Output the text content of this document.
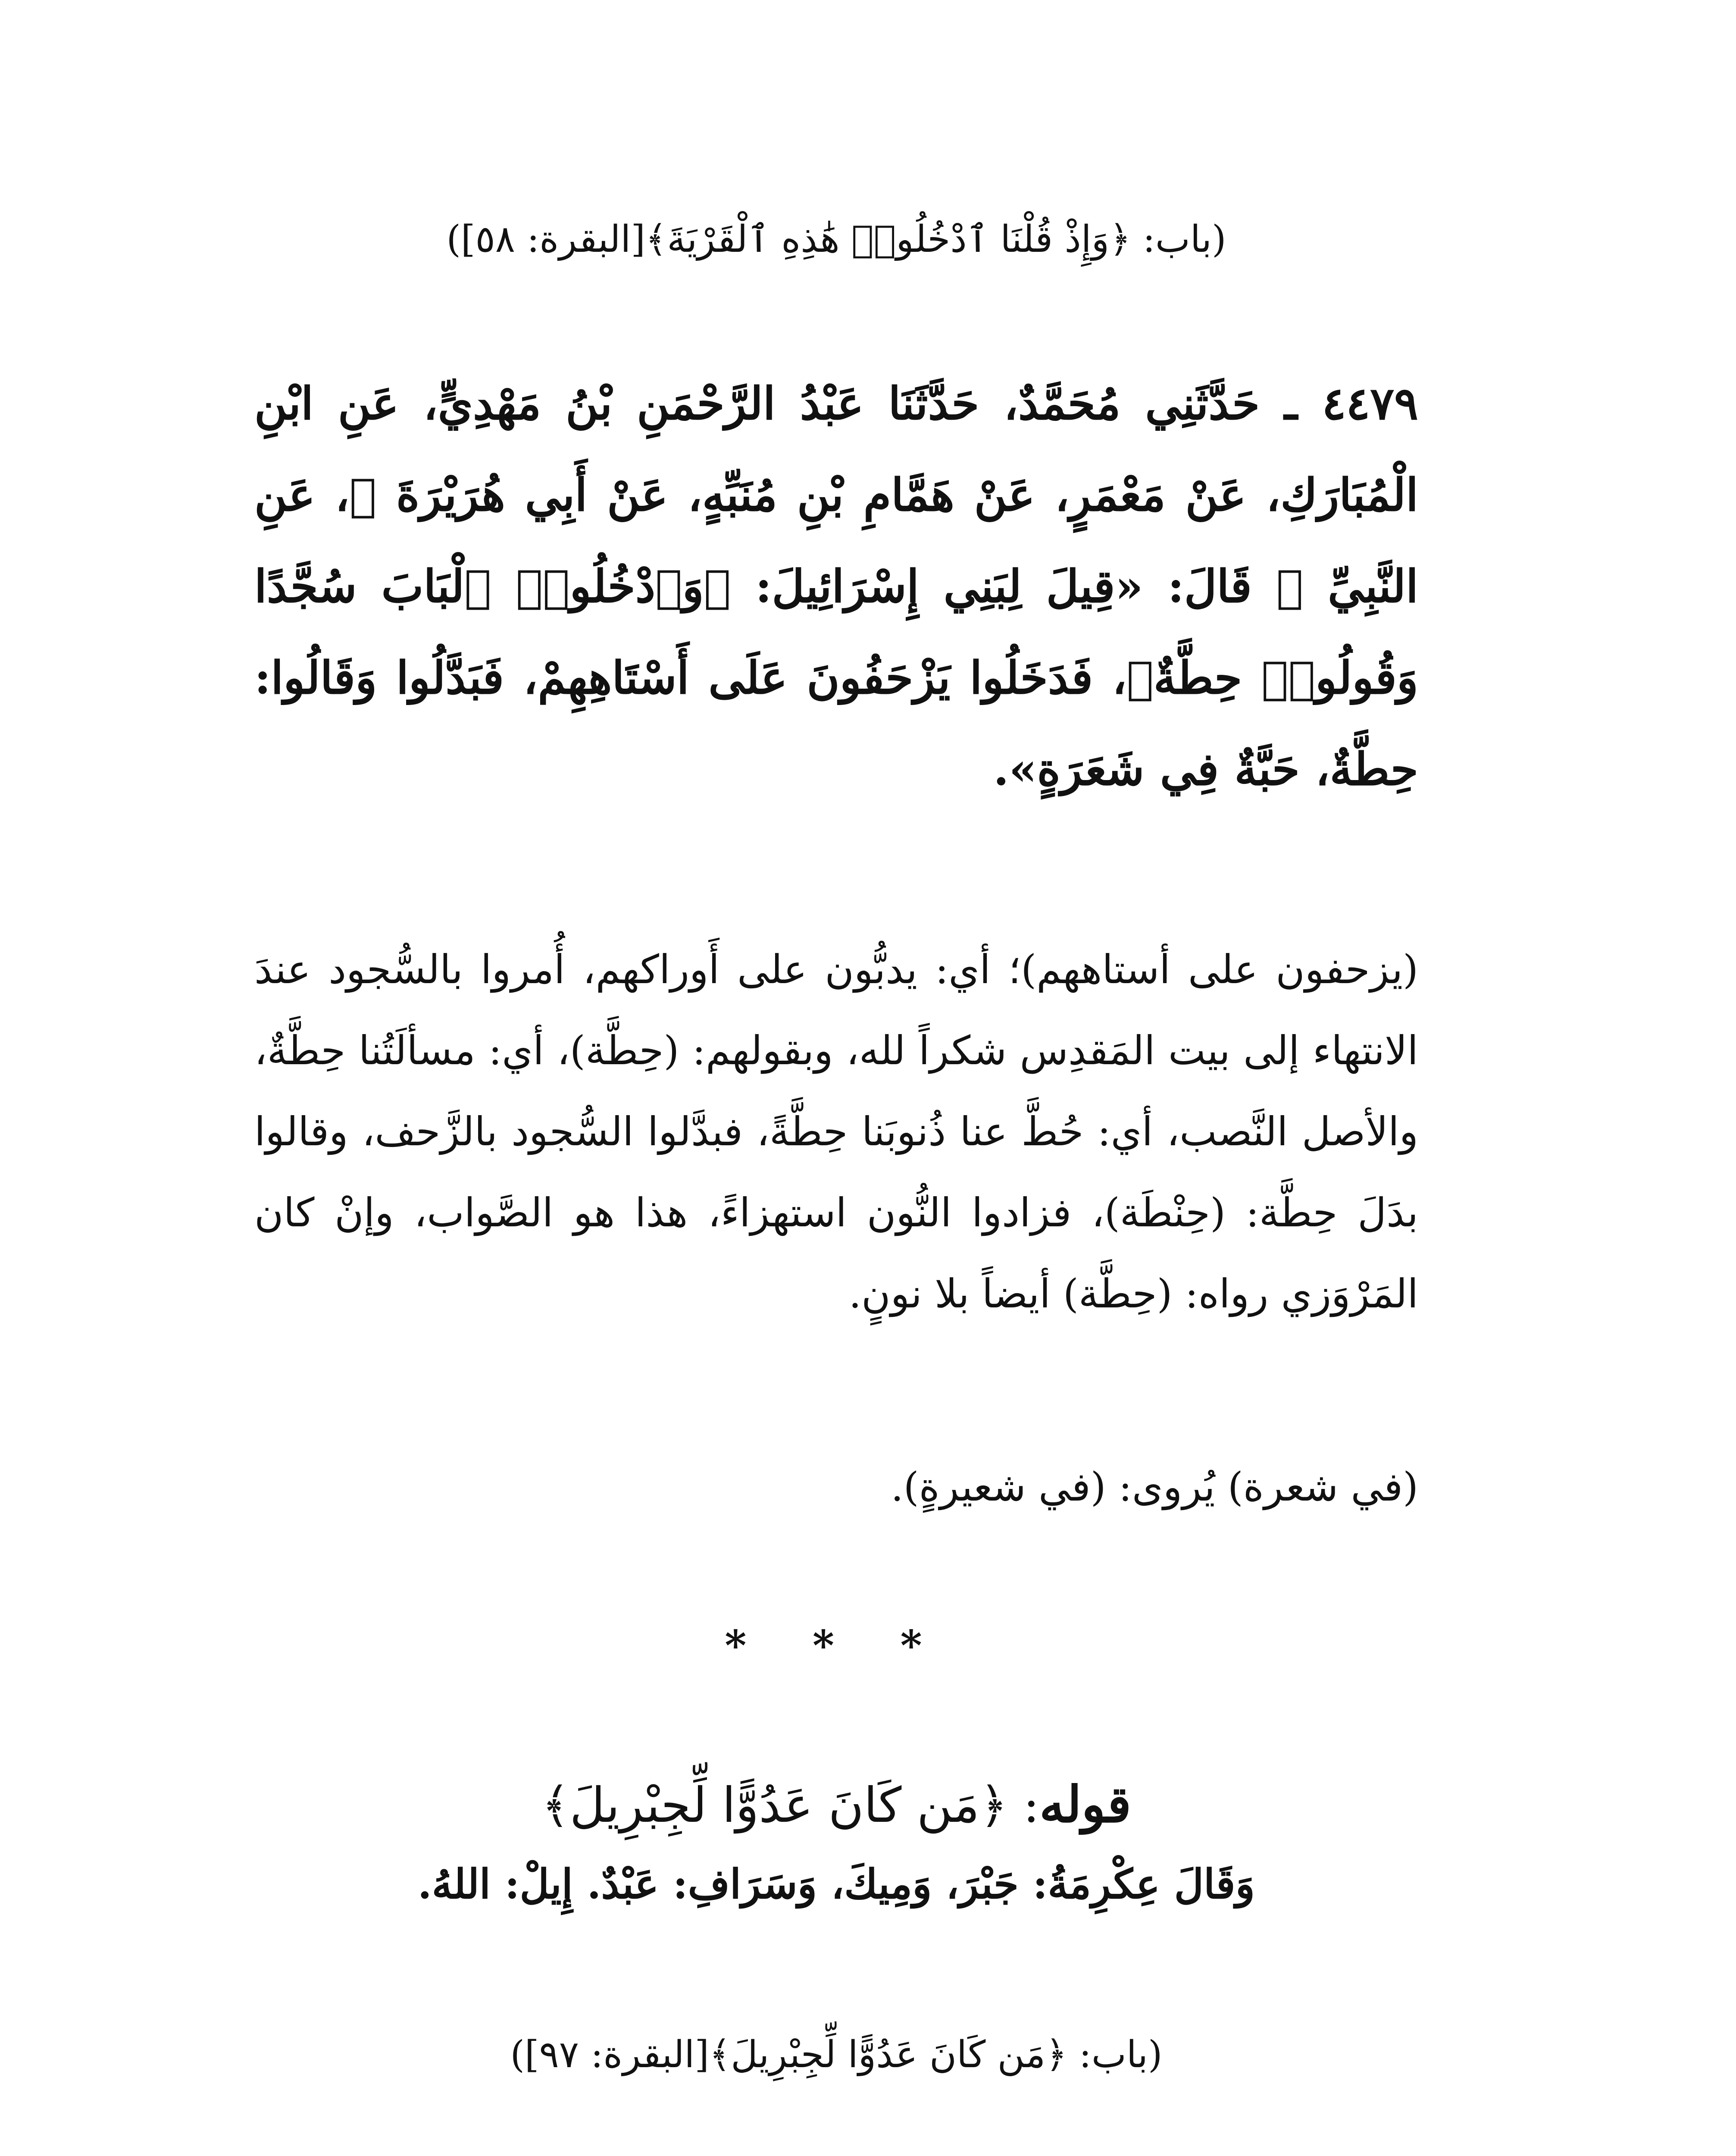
(باب: ﴿وَإِذْ قُلْنَا ٱدْخُلُوا۟ هَٰذِهِ ٱلْقَرْيَةَ﴾[البقرة: ٥٨])
٤٤٧٩ ـ حَدَّثَنِي مُحَمَّدٌ، حَدَّثَنَا عَبْدُ الرَّحْمَنِ بْنُ مَهْدِيٍّ، عَنِ ابْنِ الْمُبَارَكِ، عَنْ مَعْمَرٍ، عَنْ هَمَّامِ بْنِ مُنَبِّهٍ، عَنْ أَبِي هُرَيْرَةَ ﷺ، عَنِ النَّبِيِّ ﷺ قَالَ: «قِيلَ لِبَنِي إِسْرَائِيلَ: ﴿وَٱدْخُلُوا۟ ٱلْبَابَ سُجَّدًا وَقُولُوا۟ حِطَّةٌ﴾، فَدَخَلُوا يَزْحَفُونَ عَلَى أَسْتَاهِهِمْ، فَبَدَّلُوا وَقَالُوا: حِطَّةٌ، حَبَّةٌ فِي شَعَرَةٍ».
(يزحفون على أستاههم)؛ أي: يدبُّون على أَوراكهم، أُمروا بالسُّجود عندَ الانتهاء إلى بيت المَقدِس شكراً لله، وبقولهم: (حِطَّة)، أي: مسألَتُنا حِطَّةٌ، والأصل النَّصب، أي: حُطَّ عنا ذُنوبَنا حِطَّةً، فبدَّلوا السُّجود بالزَّحف، وقالوا بدَلَ حِطَّة: (حِنْطَة)، فزادوا النُّون استهزاءً، هذا هو الصَّواب، وإنْ كان المَرْوَزي رواه: (حِطَّة) أيضاً بلا نونٍ.
(في شعرة) يُروى: (في شعيرةٍ).
* * *
قوله: ﴿مَن كَانَ عَدُوًّا لِّجِبْرِيلَ﴾
وَقَالَ عِكْرِمَةُ: جَبْرَ، وَمِيكَ، وَسَرَافِ: عَبْدٌ. إِيلْ: اللهُ.
(باب: ﴿مَن كَانَ عَدُوًّا لِّجِبْرِيلَ﴾[البقرة: ٩٧])
